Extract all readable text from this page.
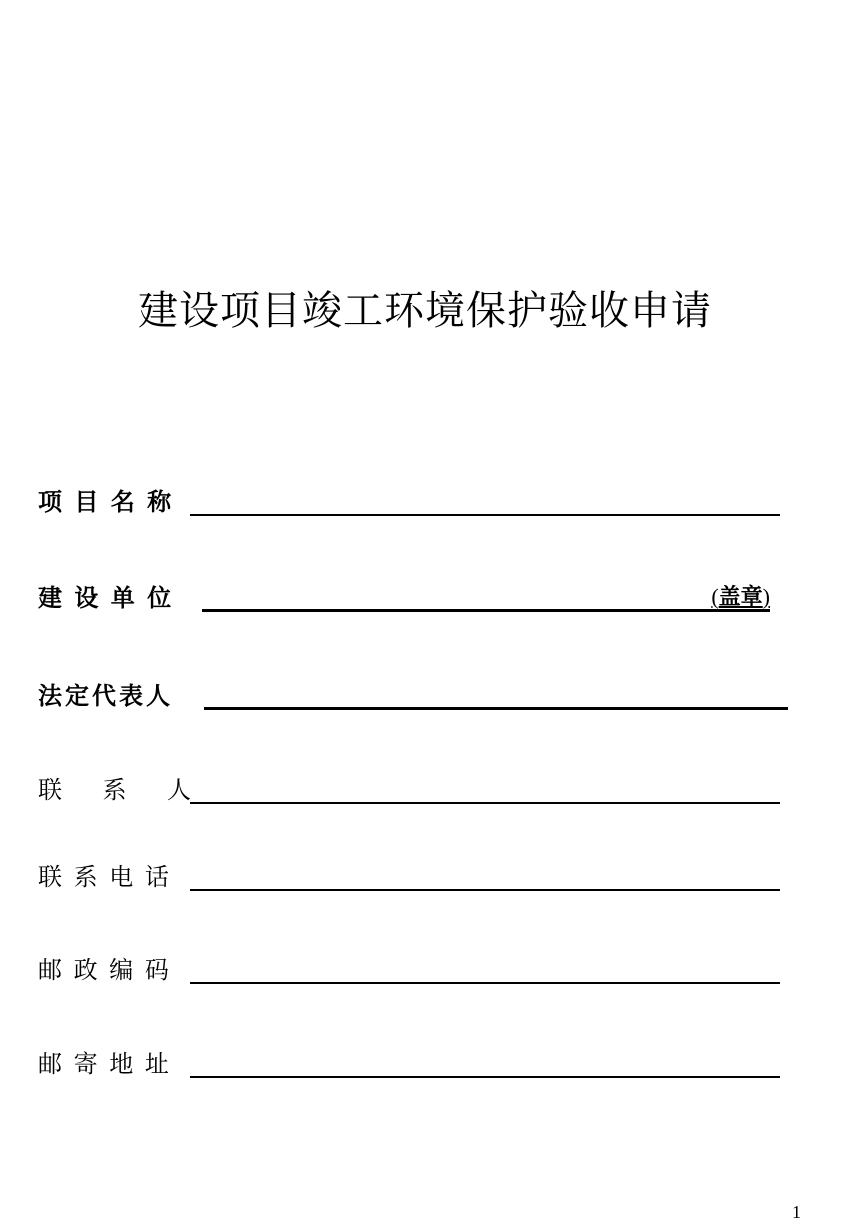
建设项目竣工环境保护验收申请
项 目 名 称
建 设 单 位	(盖章)
法定代表人
联    系    人
联 系 电 话
邮 政 编 码
邮 寄 地 址
1
